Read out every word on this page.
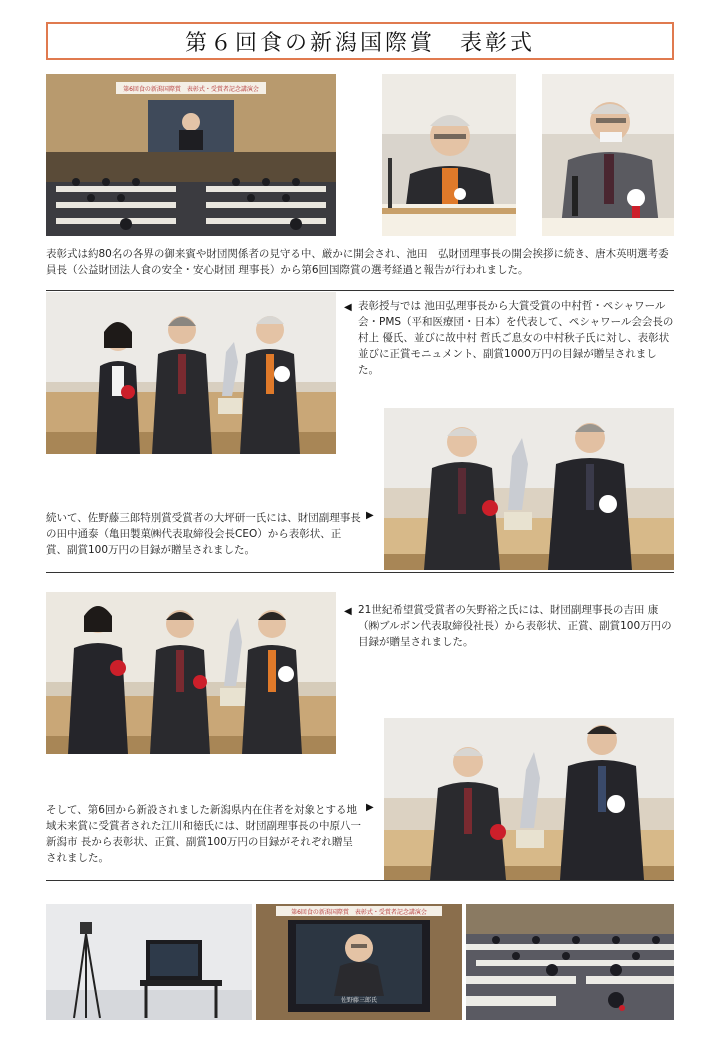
第６回食の新潟国際賞　表彰式
第6回食の新潟国際賞　表彰式・受賞者記念講演会
表彰式は約80名の各界の御来賓や財団関係者の見守る中、厳かに開会され、池田　弘財団理事長の開会挨拶に続き、唐木英明選考委員長（公益財団法人食の安全・安心財団 理事長）から第6回国際賞の選考経過と報告が行われました。
◀ 表彰授与では 池田弘理事長から大賞受賞の中村哲・ペシャワール会・PMS（平和医療団・日本）を代表して、ペシャワール会会長の村上 優氏、並びに故中村 哲氏ご息女の中村秋子氏に対し、表彰状並びに正賞モニュメント、副賞1000万円の目録が贈呈されました。
続いて、佐野藤三郎特別賞受賞者の大坪研一氏には、財団副理事長の田中通泰（亀田製菓㈱代表取締役会長CEO）から表彰状、正賞、副賞100万円の目録が贈呈されました。
▶
◀ 21世紀希望賞受賞者の矢野裕之氏には、財団副理事長の吉田 康（㈱ブルボン代表取締役社長）から表彰状、正賞、副賞100万円の目録が贈呈されました。
そして、第6回から新設されました新潟県内在住者を対象とする地域未来賞に受賞者された江川和徳氏には、財団副理事長の中原八一新潟市 長から表彰状、正賞、副賞100万円の目録がそれぞれ贈呈されました。
▶
第6回食の新潟国際賞　表彰式・受賞者記念講演会
佐野藤三郎氏
